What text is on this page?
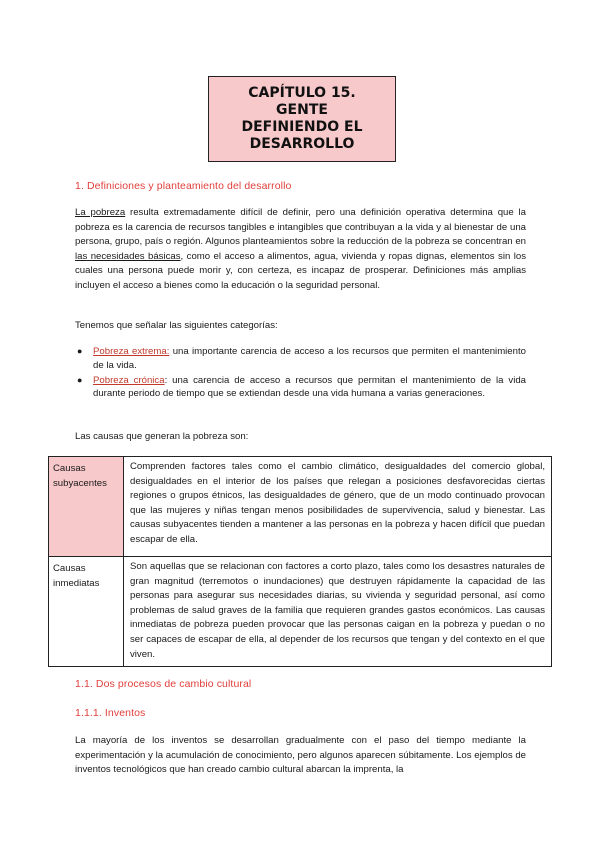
CAPÍTULO 15. GENTE DEFINIENDO EL DESARROLLO
1. Definiciones y planteamiento del desarrollo

La pobreza resulta extremadamente difícil de definir, pero una definición operativa determina que la pobreza es la carencia de recursos tangibles e intangibles que contribuyan a la vida y al bienestar de una persona, grupo, país o región. Algunos planteamientos sobre la reducción de la pobreza se concentran en las necesidades básicas, como el acceso a alimentos, agua, vivienda y ropas dignas, elementos sin los cuales una persona puede morir y, con certeza, es incapaz de prosperar. Definiciones más amplias incluyen el acceso a bienes como la educación o la seguridad personal.

Tenemos que señalar las siguientes categorías:

● Pobreza extrema: una importante carencia de acceso a los recursos que permiten el mantenimiento de la vida.
● Pobreza crónica: una carencia de acceso a recursos que permitan el mantenimiento de la vida durante periodo de tiempo que se extiendan desde una vida humana a varias generaciones.

Las causas que generan la pobreza son:

Causas subyacentes	Comprenden factores tales como el cambio climático, desigualdades del comercio global, desigualdades en el interior de los países que relegan a posiciones desfavorecidas ciertas regiones o grupos étnicos, las desigualdades de género, que de un modo continuado provocan que las mujeres y niñas tengan menos posibilidades de supervivencia, salud y bienestar. Las causas subyacentes tienden a mantener a las personas en la pobreza y hacen difícil que puedan escapar de ella.
Causas inmediatas	Son aquellas que se relacionan con factores a corto plazo, tales como los desastres naturales de gran magnitud (terremotos o inundaciones) que destruyen rápidamente la capacidad de las personas para asegurar sus necesidades diarias, su vivienda y seguridad personal, así como problemas de salud graves de la familia que requieren grandes gastos económicos. Las causas inmediatas de pobreza pueden provocar que las personas caigan en la pobreza y puedan o no ser capaces de escapar de ella, al depender de los recursos que tengan y del contexto en el que viven.
1.1. Dos procesos de cambio cultural
1.1.1. Inventos

La mayoría de los inventos se desarrollan gradualmente con el paso del tiempo mediante la experimentación y la acumulación de conocimiento, pero algunos aparecen súbitamente. Los ejemplos de inventos tecnológicos que han creado cambio cultural abarcan la imprenta, la
